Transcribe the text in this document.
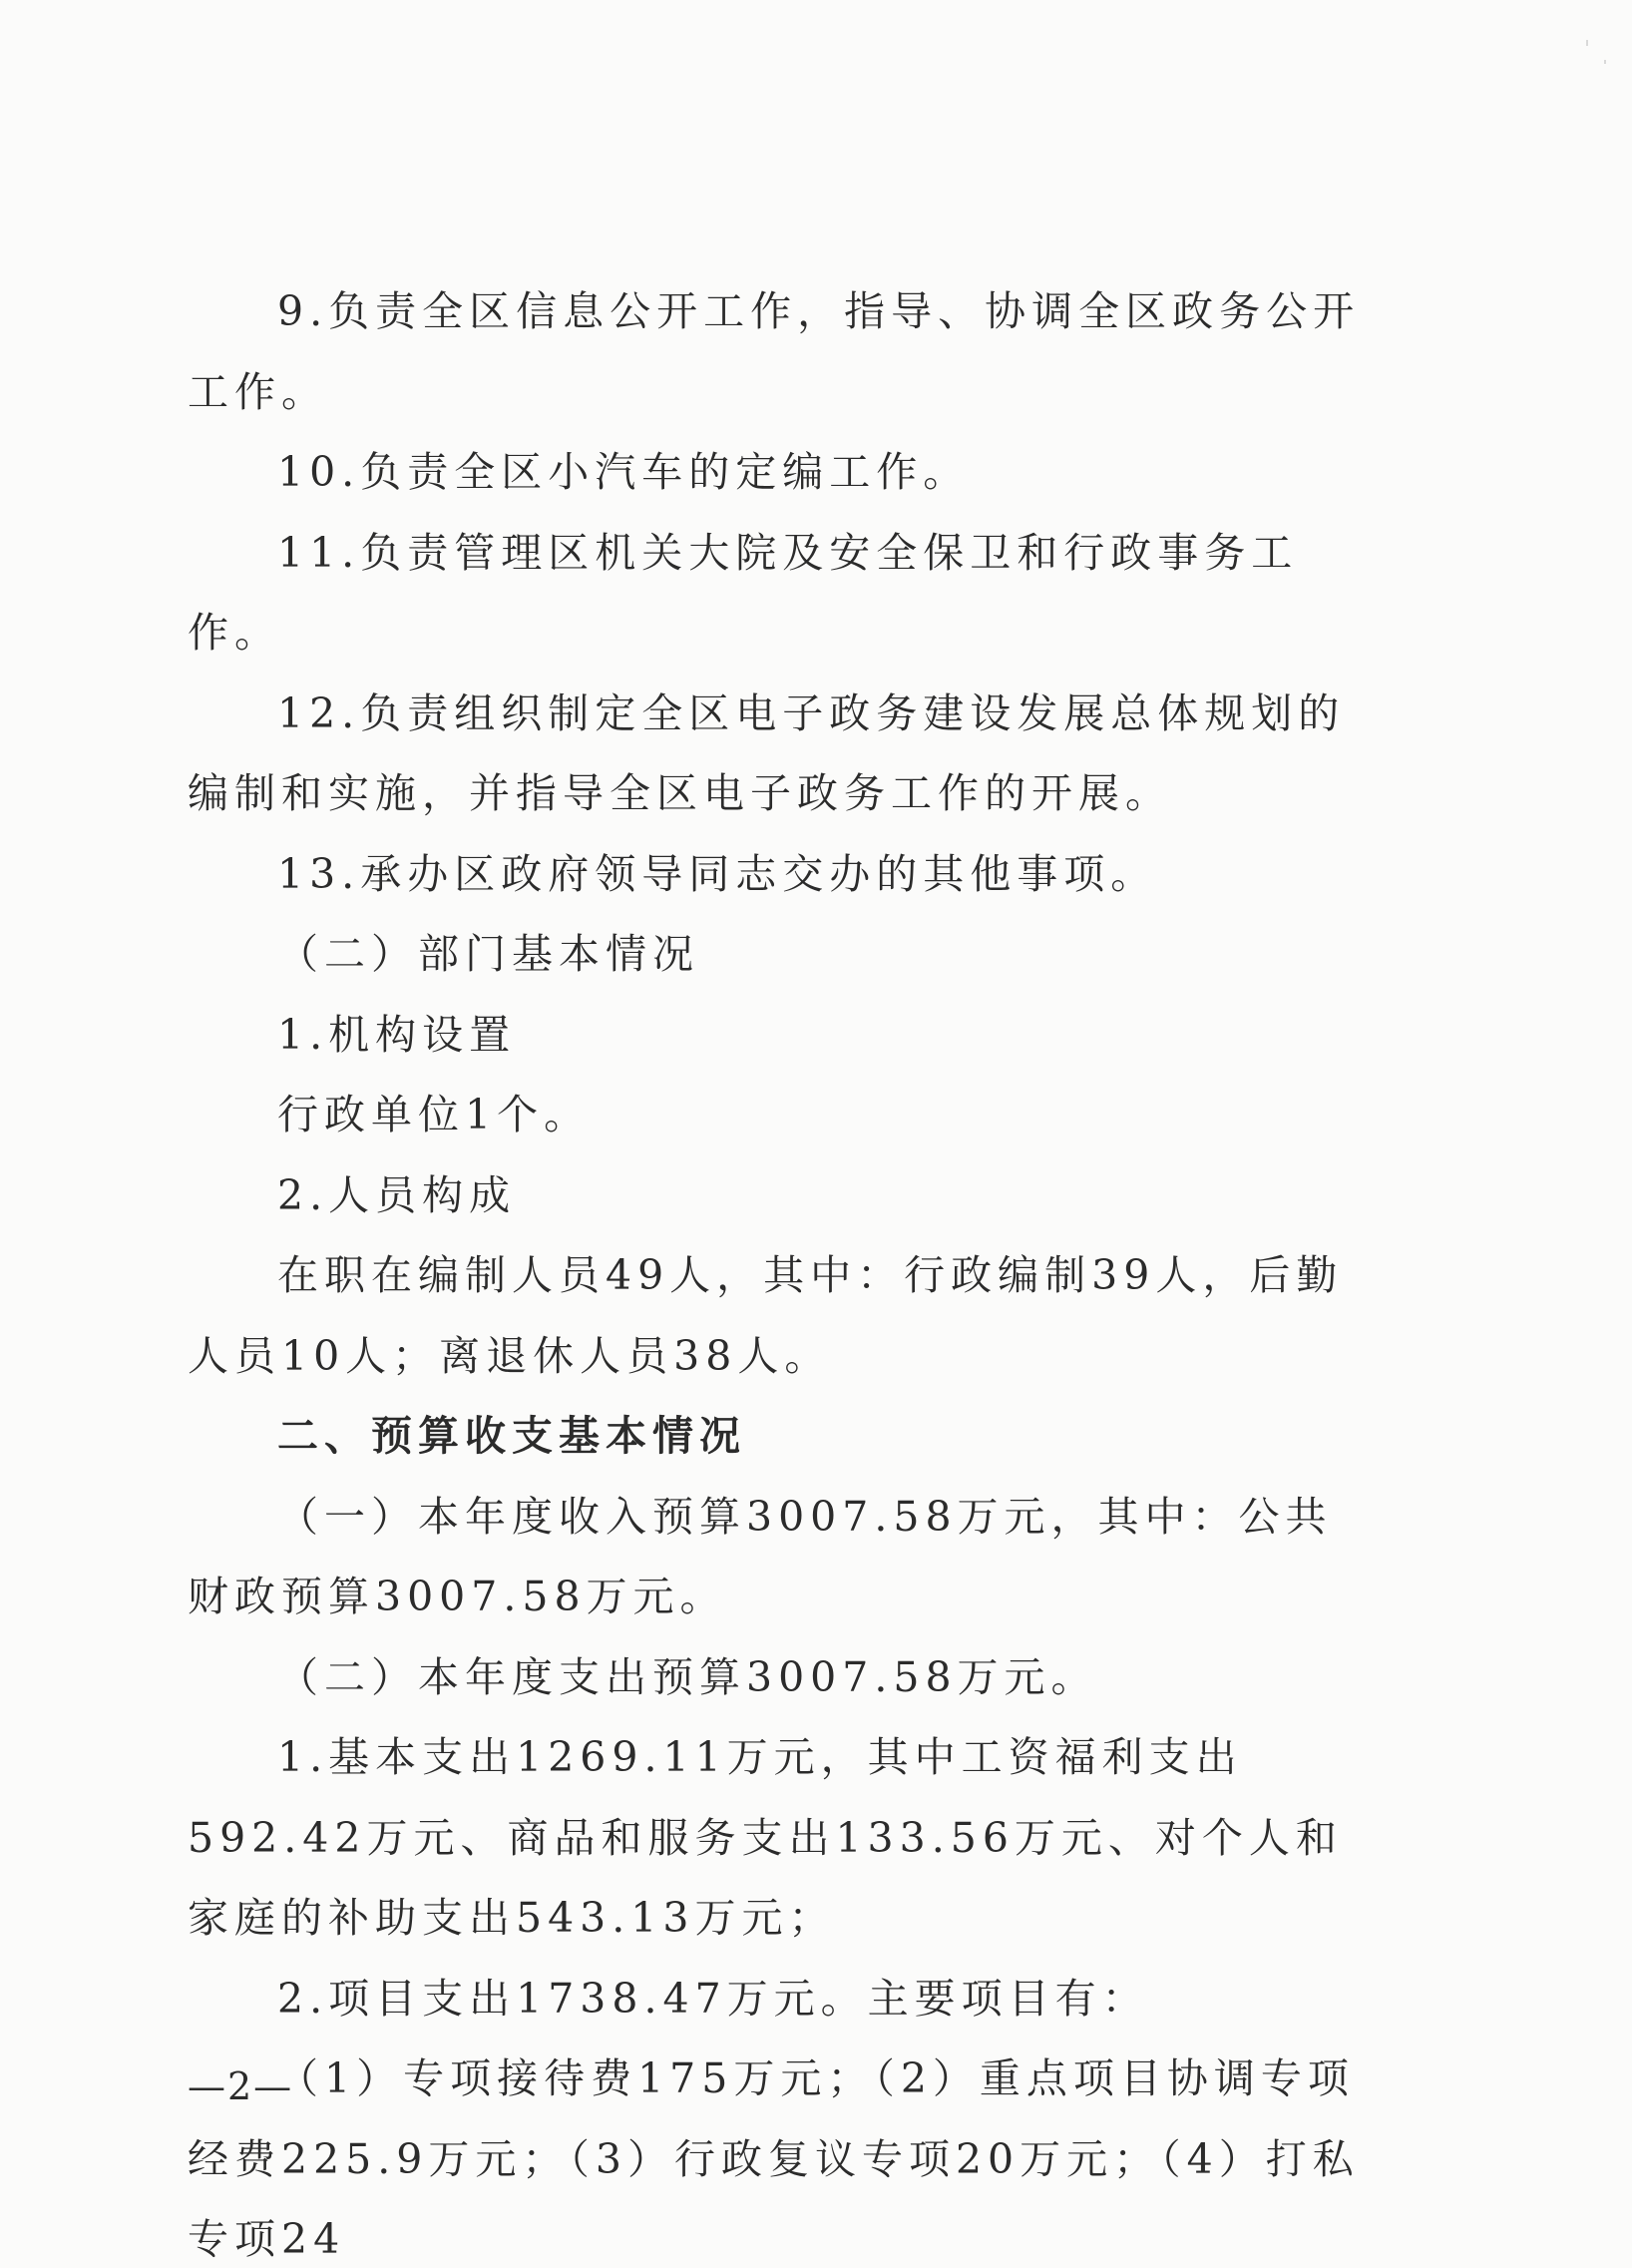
9.负责全区信息公开工作，指导、协调全区政务公开工作。

10.负责全区小汽车的定编工作。

11.负责管理区机关大院及安全保卫和行政事务工作。

12.负责组织制定全区电子政务建设发展总体规划的编制和实施，并指导全区电子政务工作的开展。

13.承办区政府领导同志交办的其他事项。

（二）部门基本情况

1.机构设置

行政单位1个。

2.人员构成

在职在编制人员49人，其中：行政编制39人，后勤人员10人；离退休人员38人。

二、预算收支基本情况

（一）本年度收入预算3007.58万元，其中：公共财政预算3007.58万元。

（二）本年度支出预算3007.58万元。

1.基本支出1269.11万元，其中工资福利支出592.42万元、商品和服务支出133.56万元、对个人和家庭的补助支出543.13万元；

2.项目支出1738.47万元。主要项目有：

（1）专项接待费175万元；（2）重点项目协调专项经费225.9万元；（3）行政复议专项20万元；（4）打私专项24

—2—
